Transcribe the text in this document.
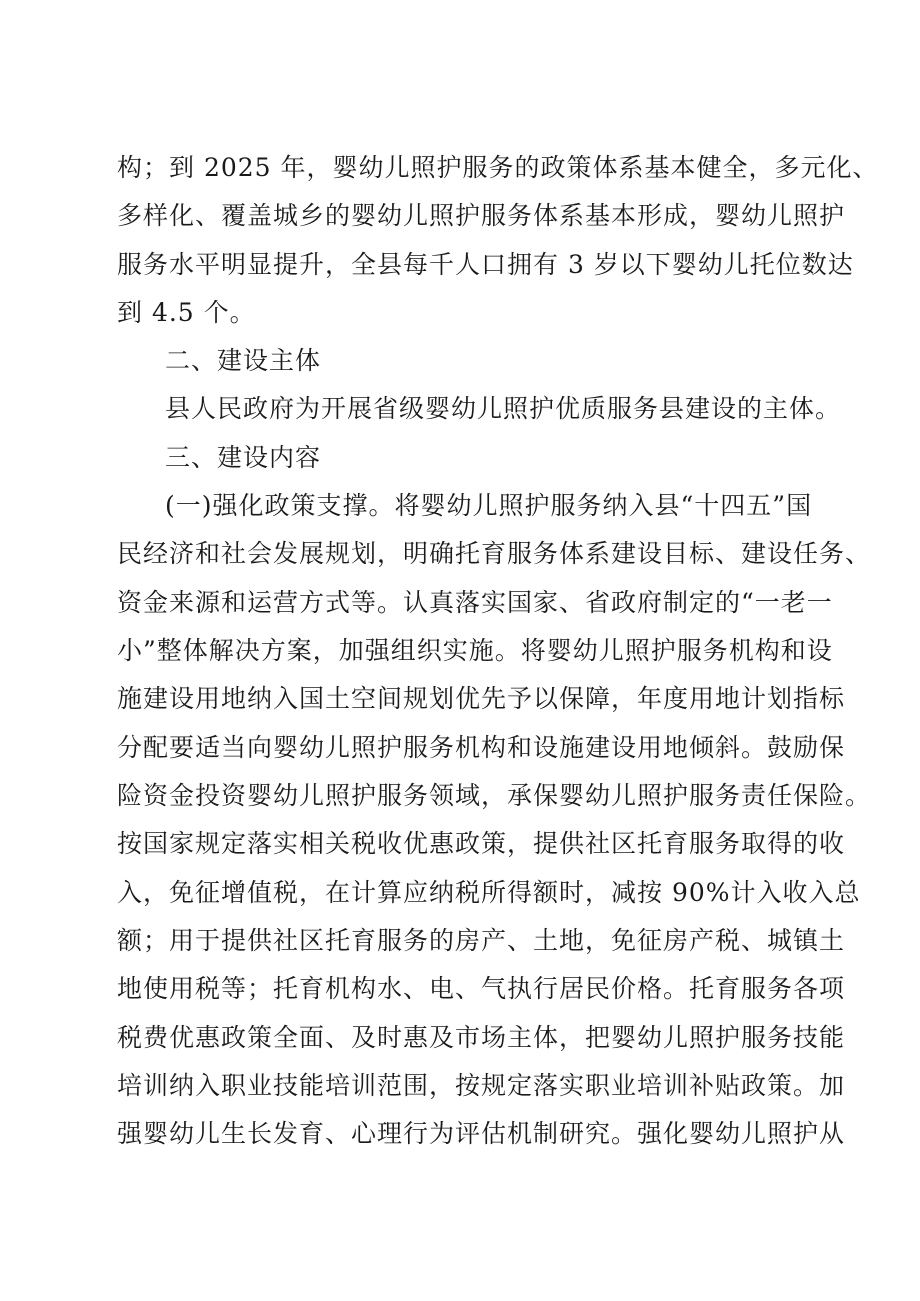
构；到 2025 年，婴幼儿照护服务的政策体系基本健全，多元化、
多样化、覆盖城乡的婴幼儿照护服务体系基本形成，婴幼儿照护
服务水平明显提升，全县每千人口拥有 3 岁以下婴幼儿托位数达
到 4.5 个。
二、建设主体
县人民政府为开展省级婴幼儿照护优质服务县建设的主体。
三、建设内容
(一)强化政策支撑。将婴幼儿照护服务纳入县“十四五”国
民经济和社会发展规划，明确托育服务体系建设目标、建设任务、
资金来源和运营方式等。认真落实国家、省政府制定的“一老一
小”整体解决方案，加强组织实施。将婴幼儿照护服务机构和设
施建设用地纳入国土空间规划优先予以保障，年度用地计划指标
分配要适当向婴幼儿照护服务机构和设施建设用地倾斜。鼓励保
险资金投资婴幼儿照护服务领域，承保婴幼儿照护服务责任保险。
按国家规定落实相关税收优惠政策，提供社区托育服务取得的收
入，免征增值税，在计算应纳税所得额时，减按 90%计入收入总
额；用于提供社区托育服务的房产、土地，免征房产税、城镇土
地使用税等；托育机构水、电、气执行居民价格。托育服务各项
税费优惠政策全面、及时惠及市场主体，把婴幼儿照护服务技能
培训纳入职业技能培训范围，按规定落实职业培训补贴政策。加
强婴幼儿生长发育、心理行为评估机制研究。强化婴幼儿照护从
